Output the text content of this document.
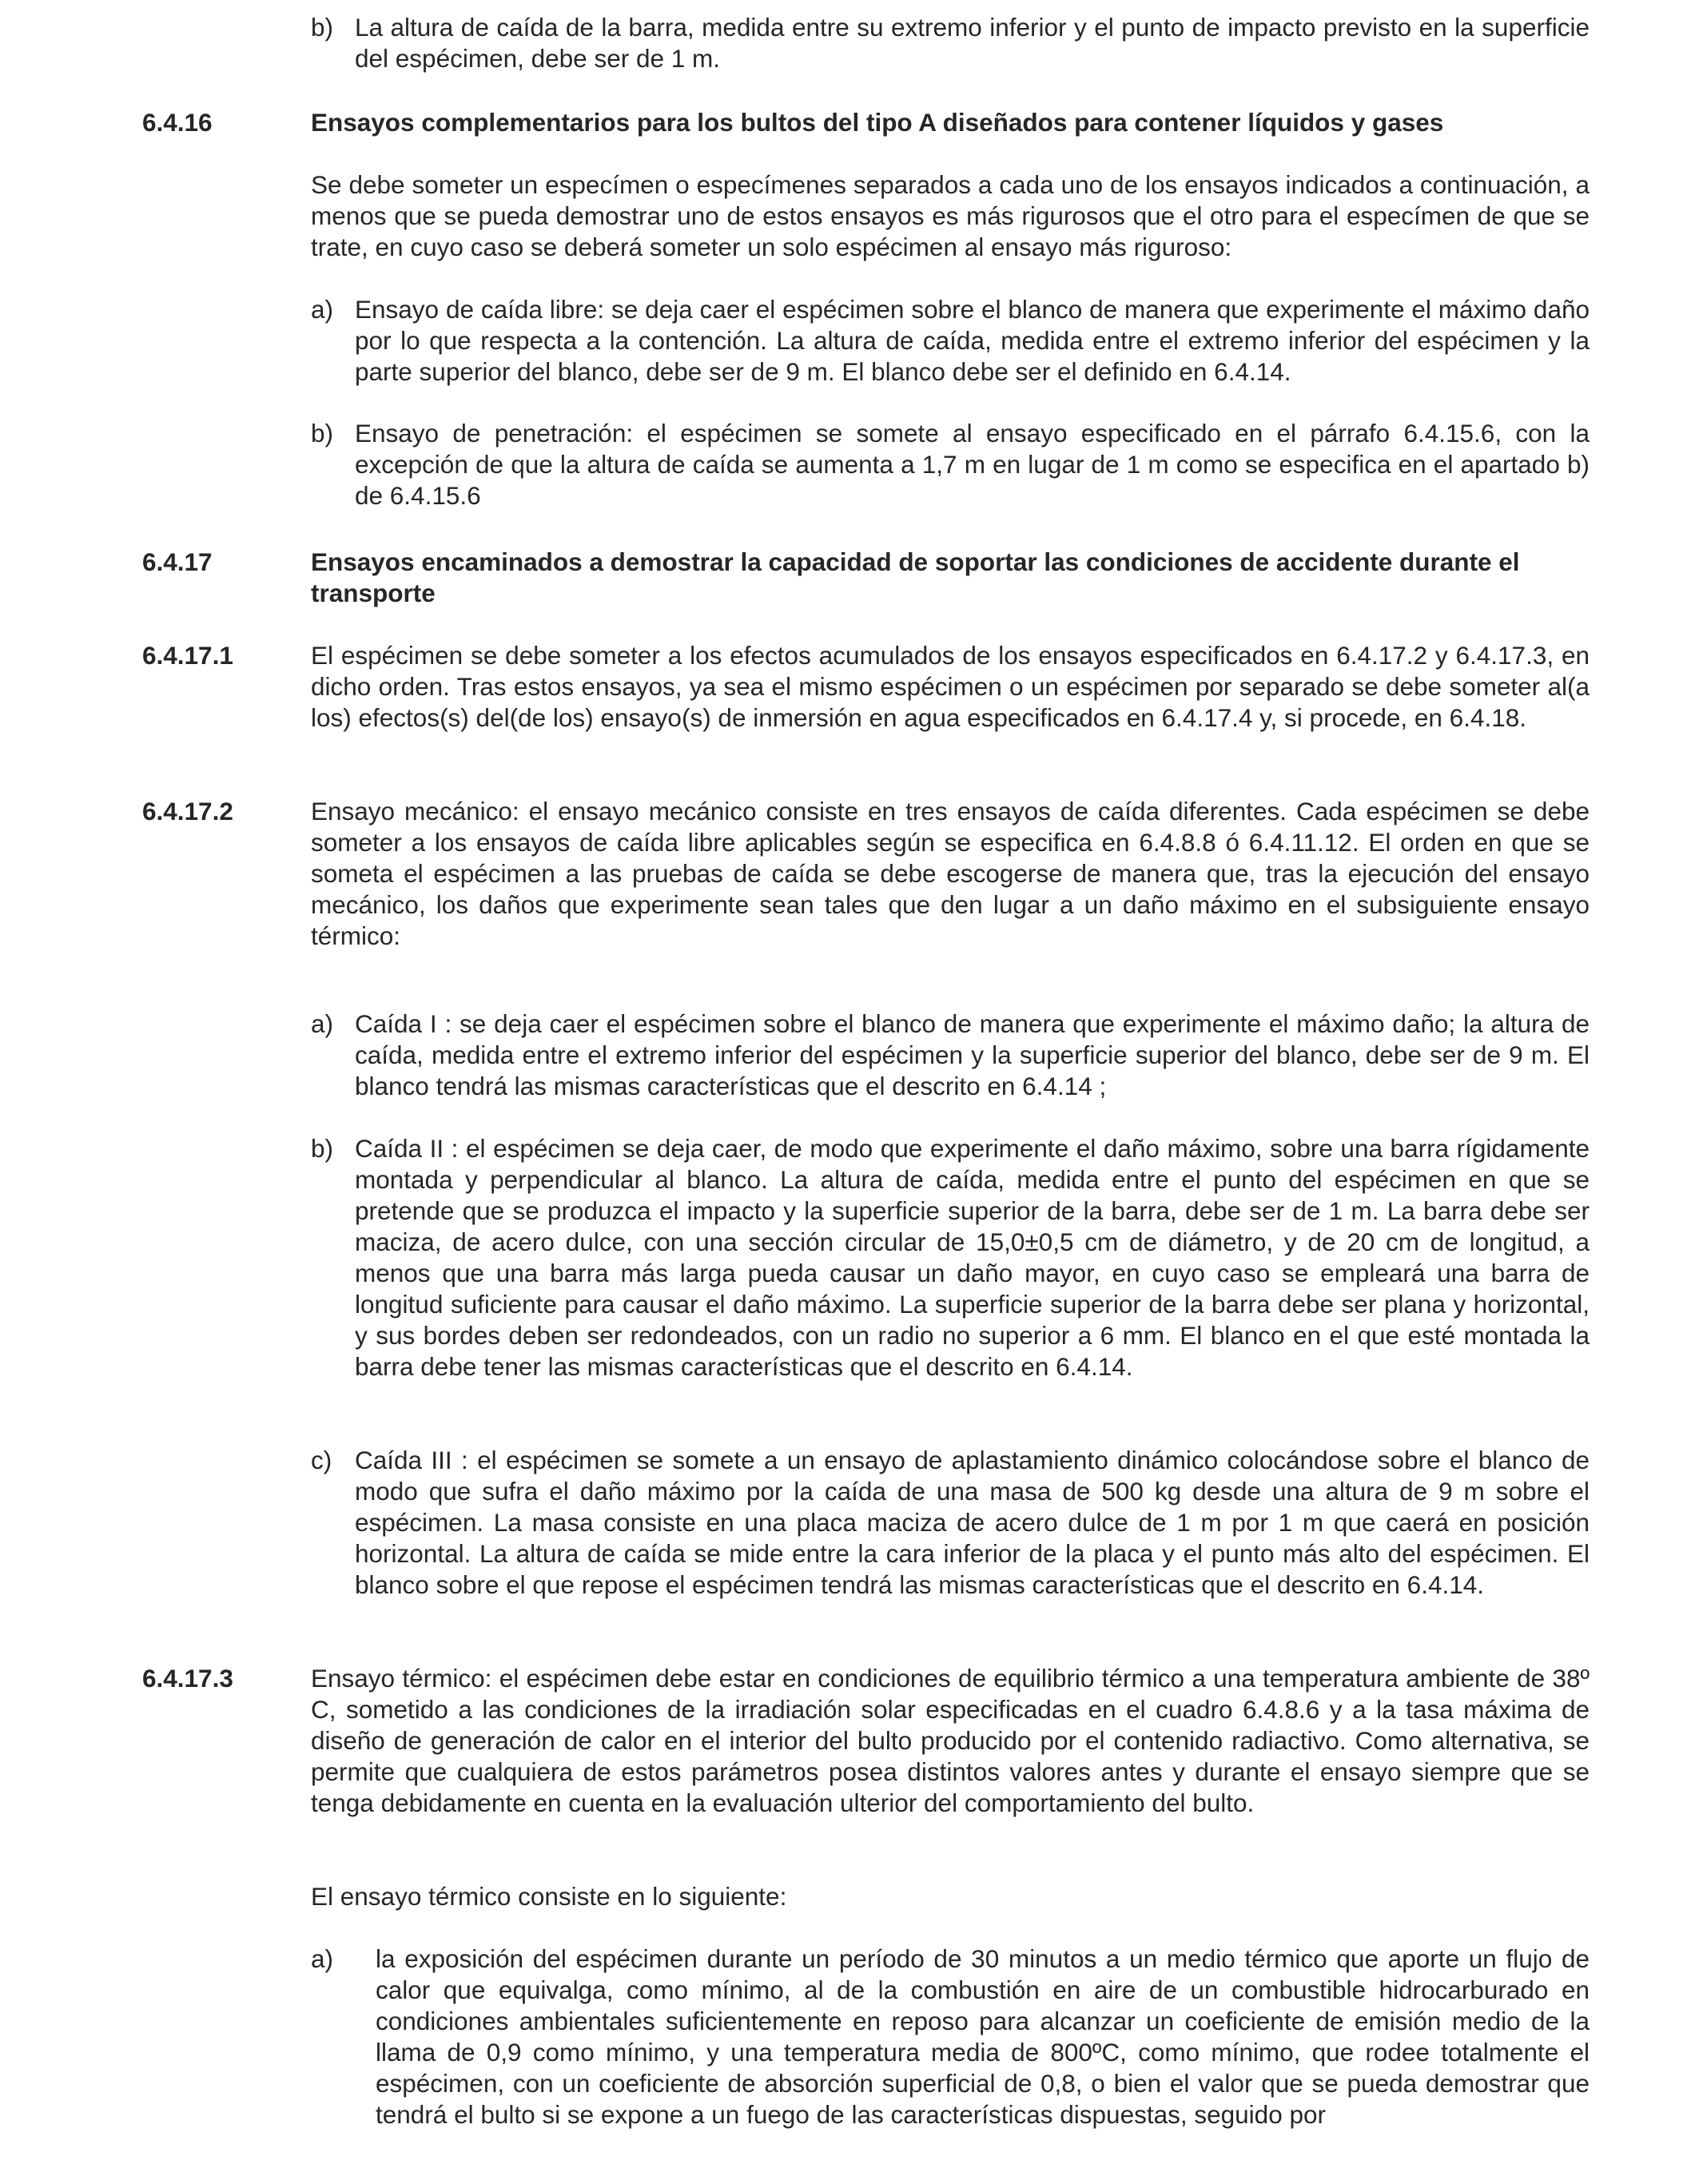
b) La altura de caída de la barra, medida entre su extremo inferior y el punto de impacto previsto en la superficie del espécimen, debe ser de 1 m.
6.4.16	Ensayos complementarios para los bultos del tipo A diseñados para contener líquidos y gases
Se debe someter un especímen o especímenes separados a cada uno de los ensayos indicados a continuación, a menos que se pueda demostrar uno de estos ensayos es más rigurosos que el otro para el especímen de que se trate, en cuyo caso se deberá someter un solo espécimen al ensayo más riguroso:
a) Ensayo de caída libre: se deja caer el espécimen sobre el blanco de manera que experimente el máximo daño por lo que respecta a la contención. La altura de caída, medida entre el extremo inferior del espécimen y la parte superior del blanco, debe ser de 9 m. El blanco debe ser el definido en 6.4.14.
b) Ensayo de penetración: el espécimen se somete al ensayo especificado en el párrafo 6.4.15.6, con la excepción de que la altura de caída se aumenta a 1,7 m en lugar de 1 m como se especifica en el apartado b) de 6.4.15.6
6.4.17	Ensayos encaminados a demostrar la capacidad de soportar las condiciones de accidente durante el transporte
6.4.17.1	El espécimen se debe someter a los efectos acumulados de los ensayos especificados en 6.4.17.2 y 6.4.17.3, en dicho orden. Tras estos ensayos, ya sea el mismo espécimen o un espécimen por separado se debe someter al(a los) efectos(s) del(de los) ensayo(s) de inmersión en agua especificados en 6.4.17.4 y, si procede, en 6.4.18.
6.4.17.2	Ensayo mecánico: el ensayo mecánico consiste en tres ensayos de caída diferentes. Cada espécimen se debe someter a los ensayos de caída libre aplicables según se especifica en 6.4.8.8 ó 6.4.11.12. El orden en que se someta el espécimen a las pruebas de caída se debe escogerse de manera que, tras la ejecución del ensayo mecánico, los daños que experimente sean tales que den lugar a un daño máximo en el subsiguiente ensayo térmico:
a) Caída I : se deja caer el espécimen sobre el blanco de manera que experimente el máximo daño; la altura de caída, medida entre el extremo inferior del espécimen y la superficie superior del blanco, debe ser de 9 m. El blanco tendrá las mismas características que el descrito en 6.4.14 ;
b) Caída II : el espécimen se deja caer, de modo que experimente el daño máximo, sobre una barra rígidamente montada y perpendicular al blanco. La altura de caída, medida entre el punto del espécimen en que se pretende que se produzca el impacto y la superficie superior de la barra, debe ser de 1 m. La barra debe ser maciza, de acero dulce, con una sección circular de 15,0±0,5 cm de diámetro, y de 20 cm de longitud, a menos que una barra más larga pueda causar un daño mayor, en cuyo caso se empleará una barra de longitud suficiente para causar el daño máximo. La superficie superior de la barra debe ser plana y horizontal, y sus bordes deben ser redondeados, con un radio no superior a 6 mm. El blanco en el que esté montada la barra debe tener las mismas características que el descrito en 6.4.14.
c) Caída III : el espécimen se somete a un ensayo de aplastamiento dinámico colocándose sobre el blanco de modo que sufra el daño máximo por la caída de una masa de 500 kg desde una altura de 9 m sobre el espécimen. La masa consiste en una placa maciza de acero dulce de 1 m por 1 m que caerá en posición horizontal. La altura de caída se mide entre la cara inferior de la placa y el punto más alto del espécimen. El blanco sobre el que repose el espécimen tendrá las mismas características que el descrito en 6.4.14.
6.4.17.3	Ensayo térmico: el espécimen debe estar en condiciones de equilibrio térmico a una temperatura ambiente de 38º C, sometido a las condiciones de la irradiación solar especificadas en el cuadro 6.4.8.6 y a la tasa máxima de diseño de generación de calor en el interior del bulto producido por el contenido radiactivo. Como alternativa, se permite que cualquiera de estos parámetros posea distintos valores antes y durante el ensayo siempre que se tenga debidamente en cuenta en la evaluación ulterior del comportamiento del bulto.
El ensayo térmico consiste en lo siguiente:
a) la exposición del espécimen durante un período de 30 minutos a un medio térmico que aporte un flujo de calor que equivalga, como mínimo, al de la combustión en aire de un combustible hidrocarburado en condiciones ambientales suficientemente en reposo para alcanzar un coeficiente de emisión medio de la llama de 0,9 como mínimo, y una temperatura media de 800ºC, como mínimo, que rodee totalmente el espécimen, con un coeficiente de absorción superficial de 0,8, o bien el valor que se pueda demostrar que tendrá el bulto si se expone a un fuego de las características dispuestas, seguido por
